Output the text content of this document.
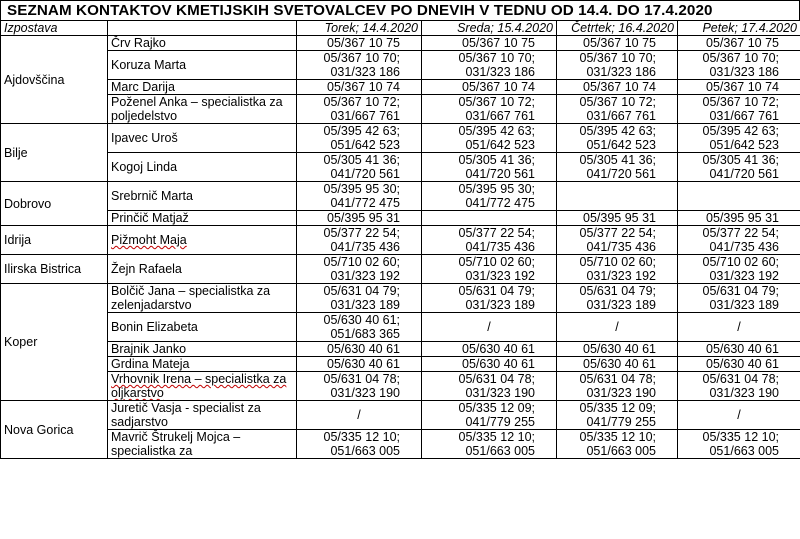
SEZNAM KONTAKTOV KMETIJSKIH SVETOVALCEV PO DNEVIH V TEDNU OD 14.4. DO 17.4.2020
Izpostava		Torek; 14.4.2020	Sreda; 15.4.2020	Četrtek; 16.4.2020	Petek; 17.4.2020
Ajdovščina	Črv Rajko	05/367 10 75	05/367 10 75	05/367 10 75	05/367 10 75
	Koruza Marta	05/367 10 70; 031/323 186	05/367 10 70; 031/323 186	05/367 10 70; 031/323 186	05/367 10 70; 031/323 186
	Marc Darija	05/367 10 74	05/367 10 74	05/367 10 74	05/367 10 74
	Poženel Anka – specialistka za poljedelstvo	05/367 10 72; 031/667 761	05/367 10 72; 031/667 761	05/367 10 72; 031/667 761	05/367 10 72; 031/667 761
Bilje	Ipavec Uroš	05/395 42 63; 051/642 523	05/395 42 63; 051/642 523	05/395 42 63; 051/642 523	05/395 42 63; 051/642 523
	Kogoj Linda	05/305 41 36; 041/720 561	05/305 41 36; 041/720 561	05/305 41 36; 041/720 561	05/305 41 36; 041/720 561
Dobrovo	Srebrnič Marta	05/395 95 30; 041/772 475	05/395 95 30; 041/772 475		
	Prinčič Matjaž	05/395 95 31		05/395 95 31	05/395 95 31
Idrija	Pižmoht Maja	05/377 22 54; 041/735 436	05/377 22 54; 041/735 436	05/377 22 54; 041/735 436	05/377 22 54; 041/735 436
Ilirska Bistrica	Žejn Rafaela	05/710 02 60; 031/323 192	05/710 02 60; 031/323 192	05/710 02 60; 031/323 192	05/710 02 60; 031/323 192
Koper	Bolčič Jana – specialistka za zelenjadarstvo	05/631 04 79; 031/323 189	05/631 04 79; 031/323 189	05/631 04 79; 031/323 189	05/631 04 79; 031/323 189
	Bonin Elizabeta	05/630 40 61; 051/683 365	/	/	/
	Brajnik Janko	05/630 40 61	05/630 40 61	05/630 40 61	05/630 40 61
	Grdina Mateja	05/630 40 61	05/630 40 61	05/630 40 61	05/630 40 61
	Vrhovnik Irena – specialistka za oljkarstvo	05/631 04 78; 031/323 190	05/631 04 78; 031/323 190	05/631 04 78; 031/323 190	05/631 04 78; 031/323 190
Nova Gorica	Juretič Vasja - specialist za sadjarstvo	/	05/335 12 09; 041/779 255	05/335 12 09; 041/779 255	/
	Mavrič Štrukelj Mojca – specialistka za	05/335 12 10; 051/663 005	05/335 12 10; 051/663 005	05/335 12 10; 051/663 005	05/335 12 10; 051/663 005
